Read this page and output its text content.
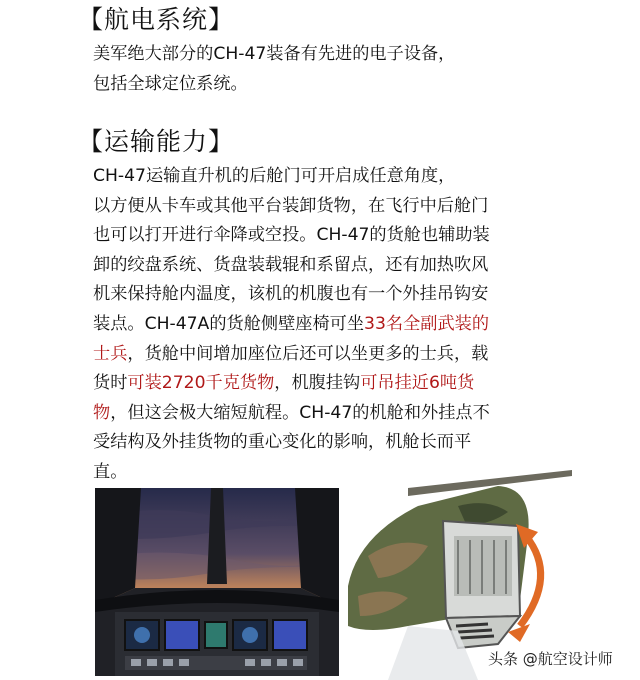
【航电系统】
美军绝大部分的CH-47装备有先进的电子设备，
包括全球定位系统。
【运输能力】
CH-47运输直升机的后舱门可开启成任意角度，
以方便从卡车或其他平台装卸货物，在飞行中后舱门
也可以打开进行伞降或空投。CH-47的货舱也辅助装
卸的绞盘系统、货盘装载辊和系留点，还有加热吹风
机来保持舱内温度，该机的机腹也有一个外挂吊钩安
装点。CH-47A的货舱侧壁座椅可坐33名全副武装的
士兵，货舱中间增加座位后还可以坐更多的士兵，载
货时可装2720千克货物，机腹挂钩可吊挂近6吨货
物，但这会极大缩短航程。CH-47的机舱和外挂点不
受结构及外挂货物的重心变化的影响，机舱长而平
直。
头条 @航空设计师
